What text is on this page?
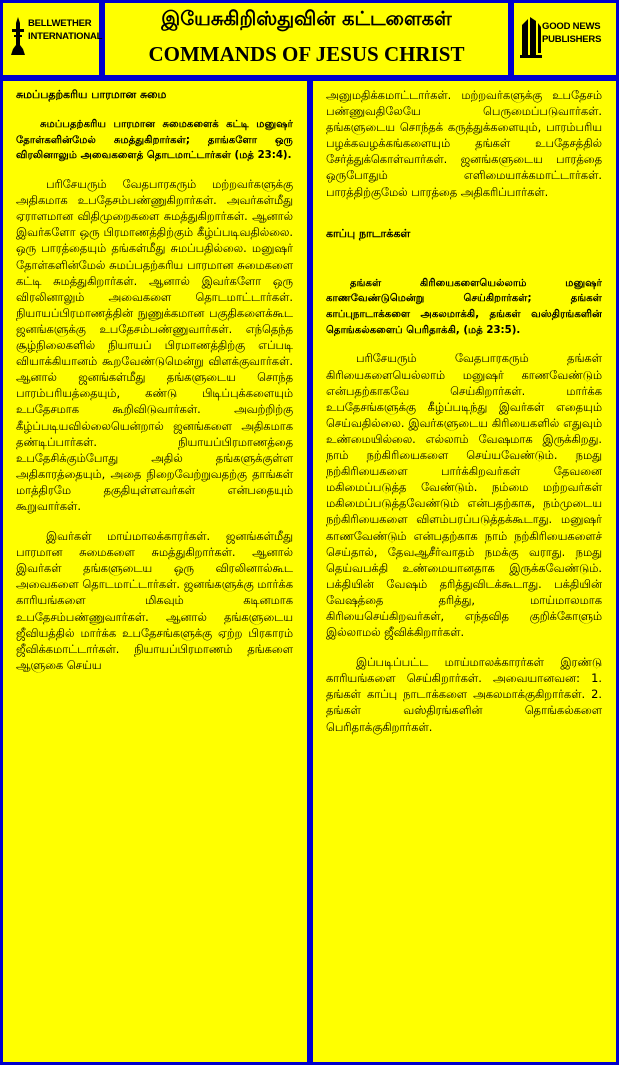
BELLWETHER
INTERNATIONAL
இயேசுகிறிஸ்துவின் கட்டளைகள்
COMMANDS OF JESUS CHRIST
GOOD NEWS
PUBLISHERS
சுமப்பதற்கரிய பாரமான சுமை
சுமப்பதற்கரிய பாரமான சுமைகளைக் கட்டி மனுஷர் தோள்களின்மேல் சுமத்துகிறார்கள்; தாங்களோ ஒரு விரலினாலும் அவைகளைத் தொடமாட்டார்கள் (மத் 23:4).
பரிசேயரும் வேதபாரகரும் மற்றவர்களுக்கு அதிகமாக உபதேசம்பண்ணுகிறார்கள். அவர்கள்மீது ஏராளமான விதிமுறைகளை சுமத்துகிறார்கள். ஆனால் இவர்களோ ஒரு பிரமாணத்திற்கும் கீழ்ப்படிவதில்லை. ஒரு பாரத்தையும் தங்கள்மீது சுமப்பதில்லை. மனுஷர் தோள்களின்மேல் சுமப்பதற்கரிய பாரமான சுமைகளை கட்டி சுமத்துகிறார்கள். ஆனால் இவர்களோ ஒரு விரலினாலும் அவைகளை தொடமாட்டார்கள். நியாயப்பிரமாணத்தின் நுணுக்கமான பகுதிகளைக்கூட ஜனங்களுக்கு உபதேசம்பண்ணுவார்கள். எந்தெந்த சூழ்நிலைகளில் நியாயப் பிரமாணத்திற்கு எப்படி வியாக்கியானம் கூறவேண்டுமென்று விளக்குவார்கள். ஆனால் ஜனங்கள்மீது தங்களுடைய சொந்த பாரம்பரியத்தையும், கண்டு பிடிப்புக்களையும் உபதேசமாக கூறிவிடுவார்கள். அவற்றிற்கு கீழ்ப்படியவில்லையென்றால் ஜனங்களை அதிகமாக தண்டிப்பார்கள். நியாயப்பிரமாணத்தை உபதேசிக்கும்போது அதில் தங்களுக்குள்ள அதிகாரத்தையும், அதை நிறைவேற்றுவதற்கு தாங்கள் மாத்திரமே தகுதியுள்ளவர்கள் என்பதையும் கூறுவார்கள்.
இவர்கள் மாய்மாலக்காரர்கள். ஜனங்கள்மீது பாரமான சுமைகளை சுமத்துகிறார்கள். ஆனால் இவர்கள் தங்களுடைய ஒரு விரலினால்கூட அவைகளை தொடமாட்டார்கள். ஜனங்களுக்கு மார்க்க காரியங்களை மிகவும் கடினமாக உபதேசம்பண்ணுவார்கள். ஆனால் தங்களுடைய ஜீவியத்தில் மார்க்க உபதேசங்களுக்கு ஏற்ற பிரகாரம் ஜீவிக்கமாட்டார்கள். நியாயப்பிரமாணம் தங்களை ஆளுகை செய்ய
அனுமதிக்கமாட்டார்கள். மற்றவர்களுக்கு உபதேசம் பண்ணுவதிலேயே பெருமைப்படுவார்கள். தங்களுடைய சொந்தக் கருத்துக்களையும், பாரம்பரிய பழக்கவழக்கங்களையும் தங்கள் உபதேசத்தில் சேர்த்துக்கொள்வார்கள். ஜனங்களுடைய பாரத்தை ஒருபோதும் எளிமையாக்கமாட்டார்கள். பாரத்திற்குமேல் பாரத்தை அதிகரிப்பார்கள்.
காப்பு நாடாக்கள்
தங்கள் கிரியைகளையெல்லாம் மனுஷர் காணவேண்டுமென்று செய்கிறார்கள்; தங்கள் காப்புநாடாக்களை அகலமாக்கி, தங்கள் வஸ்திரங்களின் தொங்கல்களைப் பெரிதாக்கி, (மத் 23:5).
பரிசேயரும் வேதபாரகரும் தங்கள் கிரியைகளையெல்லாம் மனுஷர் காணவேண்டும் என்பதற்காகவே செய்கிறார்கள். மார்க்க உபதேசங்களுக்கு கீழ்ப்படிந்து இவர்கள் எதையும் செய்வதில்லை. இவர்களுடைய கிரியைகளில் எதுவும் உண்மையில்லை. எல்லாம் வேஷமாக இருக்கிறது. நாம் நற்கிரியைகளை செய்யவேண்டும். நமது நற்கிரியைகளை பார்க்கிறவர்கள் தேவனை மகிமைப்படுத்த வேண்டும். நம்மை மற்றவர்கள் மகிமைப்படுத்தவேண்டும் என்பதற்காக, நம்முடைய நற்கிரியைகளை விளம்பரப்படுத்தக்கூடாது. மனுஷர் காணவேண்டும் என்பதற்காக நாம் நற்கிரியைகளைச் செய்தால், தேவஆசீர்வாதம் நமக்கு வராது. நமது தெய்வபக்தி உண்மையானதாக இருக்கவேண்டும். பக்தியின் வேஷம் தரித்துவிடக்கூடாது. பக்தியின் வேஷத்தை தரித்து, மாய்மாலமாக கிரியைசெய்கிறவர்கள், எந்தவித குறிக்கோளும் இல்லாமல் ஜீவிக்கிறார்கள்.
இப்படிப்பட்ட மாய்மாலக்காரர்கள் இரண்டு காரியங்களை செய்கிறார்கள். அவையானவன: 1. தங்கள் காப்பு நாடாக்களை அகலமாக்குகிறார்கள். 2. தங்கள் வஸ்திரங்களின் தொங்கல்களை பெரிதாக்குகிறார்கள்.
